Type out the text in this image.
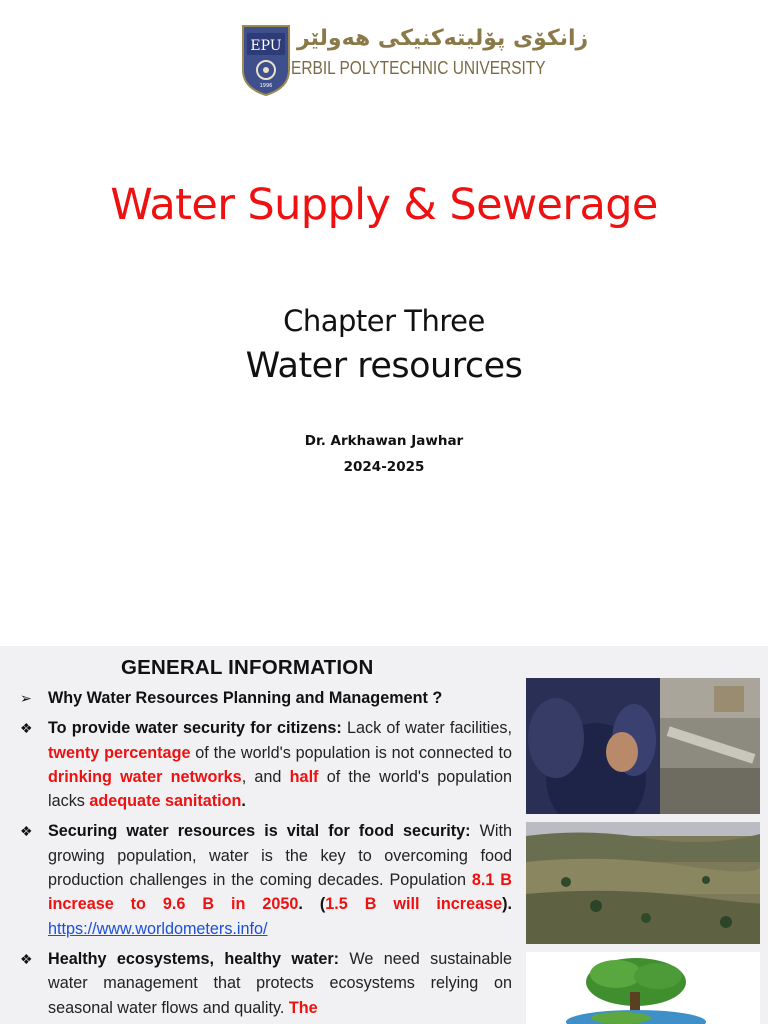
EPU
1996
زانكۆی پۆلیتەكنیكی هەولێر
ERBIL POLYTECHNIC UNIVERSITY
Water Supply & Sewerage
Chapter Three
Water resources
Dr. Arkhawan Jawhar
2024-2025
GENERAL INFORMATION
➢ Why Water Resources Planning and Management ?
❖ To provide water security for citizens: Lack of water facilities, twenty percentage of the world's population is not connected to drinking water networks, and half of the world's population lacks adequate sanitation.
❖ Securing water resources is vital for food security: With growing population, water is the key to overcoming food production challenges in the coming decades. Population 8.1 B increase to 9.6 B in 2050. (1.5 B will increase). https://www.worldometers.info/
❖ Healthy ecosystems, healthy water: We need sustainable water management that protects ecosystems relying on seasonal water flows and quality. The
